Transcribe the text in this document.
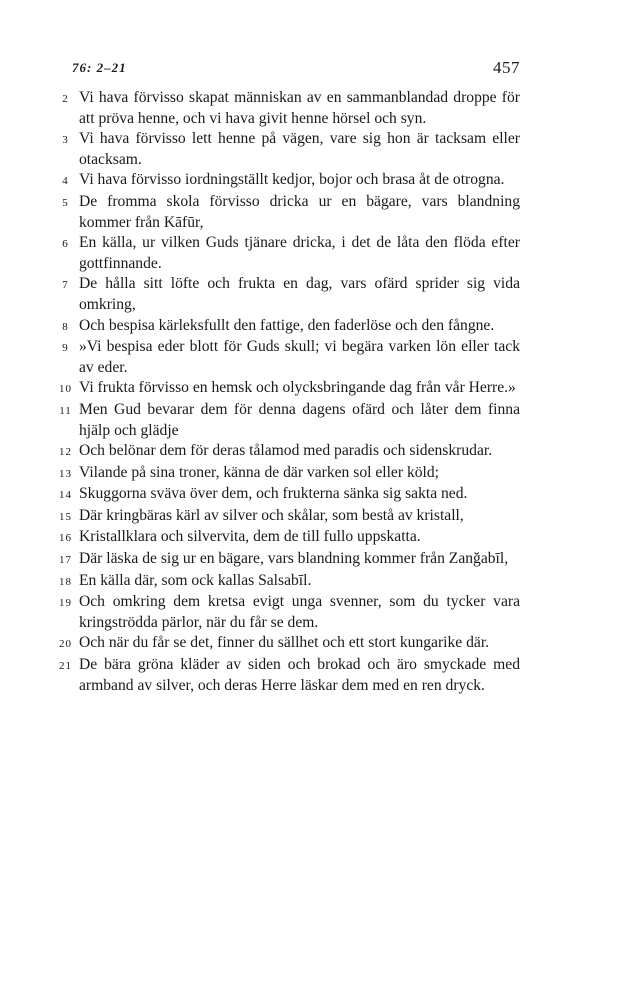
76: 2–21	457
2 Vi hava förvisso skapat människan av en sammanblandad droppe för att pröva henne, och vi hava givit henne hörsel och syn.
3 Vi hava förvisso lett henne på vägen, vare sig hon är tacksam eller otacksam.
4 Vi hava förvisso iordningställt kedjor, bojor och brasa åt de otrogna.
5 De fromma skola förvisso dricka ur en bägare, vars blandning kommer från Kāfūr,
6 En källa, ur vilken Guds tjänare dricka, i det de låta den flöda efter gottfinnande.
7 De hålla sitt löfte och frukta en dag, vars ofärd sprider sig vida omkring,
8 Och bespisa kärleksfullt den fattige, den faderlöse och den fångne.
9 »Vi bespisa eder blott för Guds skull; vi begära varken lön eller tack av eder.
10 Vi frukta förvisso en hemsk och olycksbringande dag från vår Herre.»
11 Men Gud bevarar dem för denna dagens ofärd och låter dem finna hjälp och glädje
12 Och belönar dem för deras tålamod med paradis och sidenskrudar.
13 Vilande på sina troner, känna de där varken sol eller köld;
14 Skuggorna sväva över dem, och frukterna sänka sig sakta ned.
15 Där kringbäras kärl av silver och skålar, som bestå av kristall,
16 Kristallklara och silvervita, dem de till fullo uppskatta.
17 Där läska de sig ur en bägare, vars blandning kommer från Zanğabīl,
18 En källa där, som ock kallas Salsabīl.
19 Och omkring dem kretsa evigt unga svenner, som du tycker vara kringströdda pärlor, när du får se dem.
20 Och när du får se det, finner du sällhet och ett stort kungarike där.
21 De bära gröna kläder av siden och brokad och äro smyckade med armband av silver, och deras Herre läskar dem med en ren dryck.
